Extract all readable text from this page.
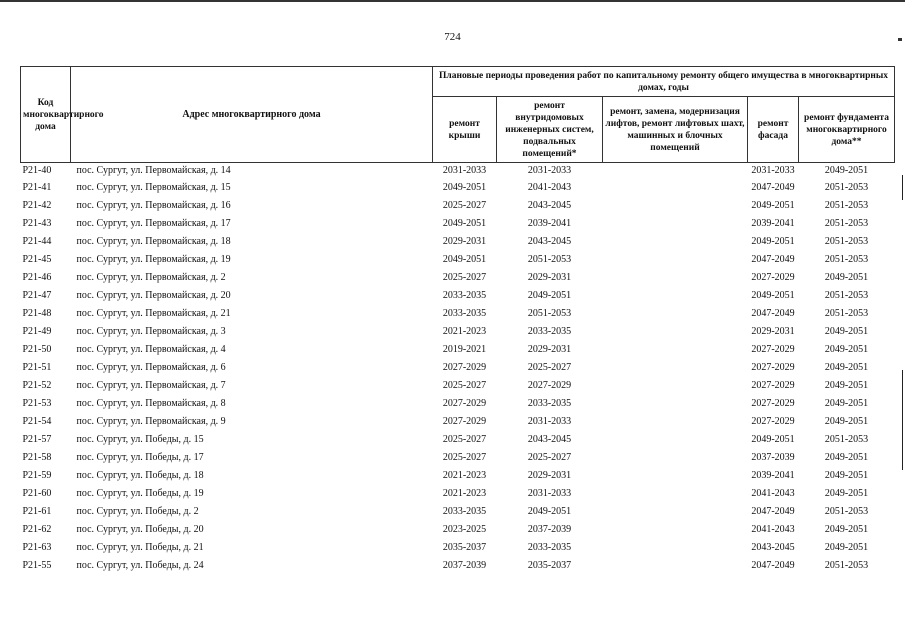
724
Код многоквартирного дома	Адрес многоквартирного дома	Плановые периоды проведения работ по капитальному ремонту общего имущества в многоквартирных домах, годы				
		ремонт крыши	ремонт внутридомовых инженерных систем, подвальных помещений*	ремонт, замена, модернизация лифтов, ремонт лифтовых шахт, машинных и блочных помещений	ремонт фасада	ремонт фундамента многоквартирного дома**
P21-40	пос. Сургут, ул. Первомайская, д. 14	2031-2033	2031-2033		2031-2033	2049-2051
P21-41	пос. Сургут, ул. Первомайская, д. 15	2049-2051	2041-2043		2047-2049	2051-2053
P21-42	пос. Сургут, ул. Первомайская, д. 16	2025-2027	2043-2045		2049-2051	2051-2053
P21-43	пос. Сургут, ул. Первомайская, д. 17	2049-2051	2039-2041		2039-2041	2051-2053
P21-44	пос. Сургут, ул. Первомайская, д. 18	2029-2031	2043-2045		2049-2051	2051-2053
P21-45	пос. Сургут, ул. Первомайская, д. 19	2049-2051	2051-2053		2047-2049	2051-2053
P21-46	пос. Сургут, ул. Первомайская, д. 2	2025-2027	2029-2031		2027-2029	2049-2051
P21-47	пос. Сургут, ул. Первомайская, д. 20	2033-2035	2049-2051		2049-2051	2051-2053
P21-48	пос. Сургут, ул. Первомайская, д. 21	2033-2035	2051-2053		2047-2049	2051-2053
P21-49	пос. Сургут, ул. Первомайская, д. 3	2021-2023	2033-2035		2029-2031	2049-2051
P21-50	пос. Сургут, ул. Первомайская, д. 4	2019-2021	2029-2031		2027-2029	2049-2051
P21-51	пос. Сургут, ул. Первомайская, д. 6	2027-2029	2025-2027		2027-2029	2049-2051
P21-52	пос. Сургут, ул. Первомайская, д. 7	2025-2027	2027-2029		2027-2029	2049-2051
P21-53	пос. Сургут, ул. Первомайская, д. 8	2027-2029	2033-2035		2027-2029	2049-2051
P21-54	пос. Сургут, ул. Первомайская, д. 9	2027-2029	2031-2033		2027-2029	2049-2051
P21-57	пос. Сургут, ул. Победы, д. 15	2025-2027	2043-2045		2049-2051	2051-2053
P21-58	пос. Сургут, ул. Победы, д. 17	2025-2027	2025-2027		2037-2039	2049-2051
P21-59	пос. Сургут, ул. Победы, д. 18	2021-2023	2029-2031		2039-2041	2049-2051
P21-60	пос. Сургут, ул. Победы, д. 19	2021-2023	2031-2033		2041-2043	2049-2051
P21-61	пос. Сургут, ул. Победы, д. 2	2033-2035	2049-2051		2047-2049	2051-2053
P21-62	пос. Сургут, ул. Победы, д. 20	2023-2025	2037-2039		2041-2043	2049-2051
P21-63	пос. Сургут, ул. Победы, д. 21	2035-2037	2033-2035		2043-2045	2049-2051
P21-55	пос. Сургут, ул. Победы, д. 24	2037-2039	2035-2037		2047-2049	2051-2053
